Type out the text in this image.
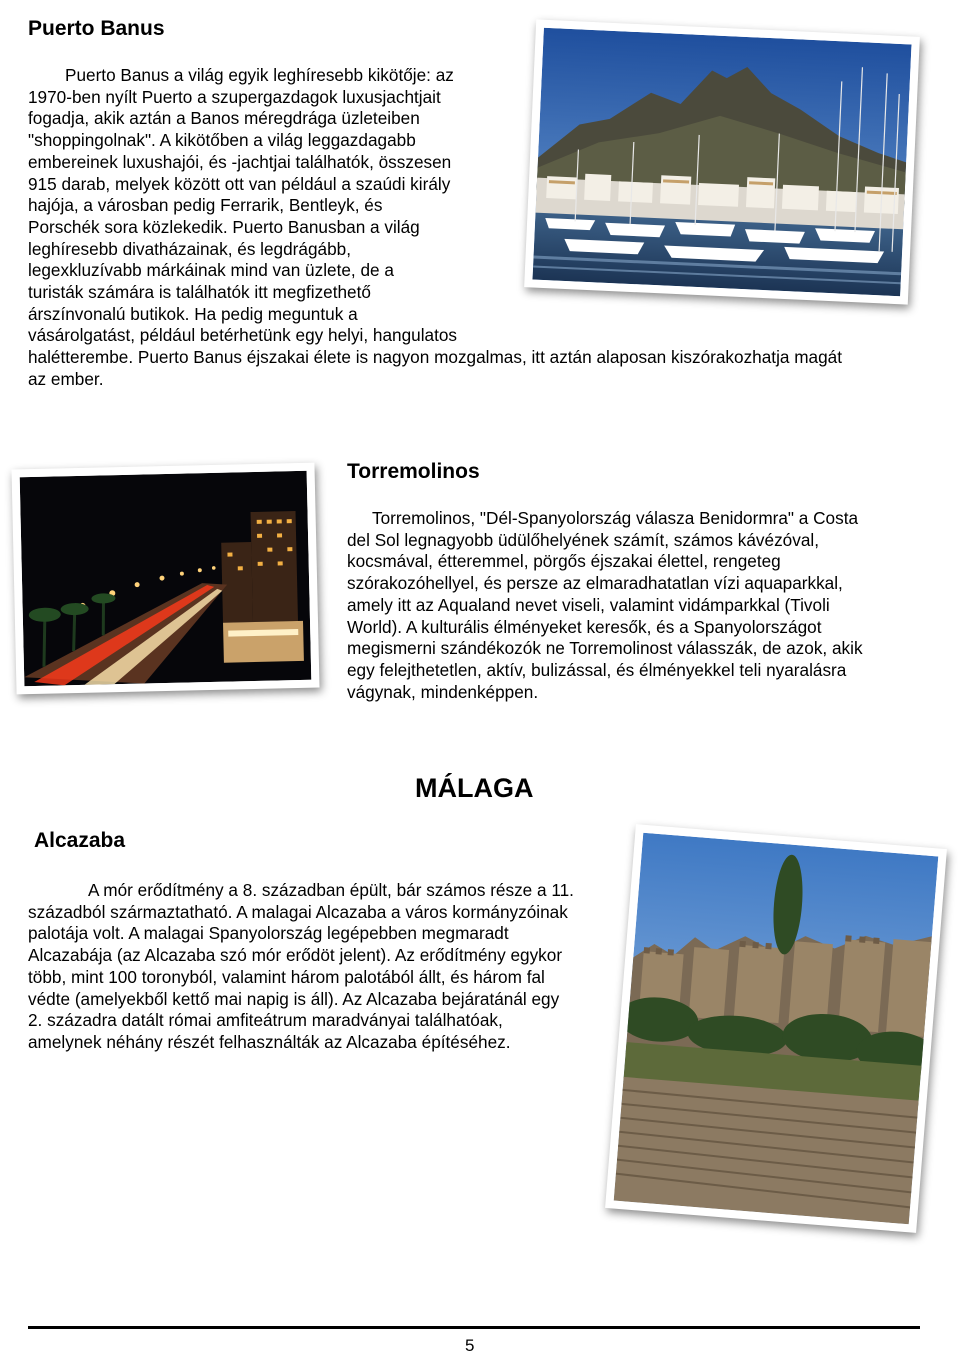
Puerto Banus
Puerto Banus a világ egyik leghíresebb kikötője: az
1970-ben nyílt Puerto a szupergazdagok luxusjachtjait
fogadja, akik aztán a Banos méregdrága üzleteiben
"shoppingolnak". A kikötőben a világ leggazdagabb
embereinek luxushajói, és -jachtjai találhatók, összesen
915 darab, melyek között ott van például a szaúdi király
hajója, a városban pedig Ferrarik, Bentleyk, és
Porschék sora közlekedik. Puerto Banusban a világ
leghíresebb divatházainak, és legdrágább,
legexkluzívabb márkáinak mind van üzlete, de a
turisták számára is találhatók itt megfizethető
árszínvonalú butikok. Ha pedig meguntuk a
vásárolgatást, például betérhetünk egy helyi, hangulatos
halétterembe. Puerto Banus éjszakai élete is nagyon mozgalmas, itt aztán alaposan kiszórakozhatja magát
az ember.
Torremolinos
Torremolinos, "Dél-Spanyolország válasza Benidormra" a Costa
del Sol legnagyobb üdülőhelyének számít, számos kávézóval,
kocsmával, étteremmel, pörgős éjszakai élettel, rengeteg
szórakozóhellyel, és persze az elmaradhatatlan vízi aquaparkkal,
amely itt az Aqualand nevet viseli, valamint vidámparkkal (Tivoli
World). A kulturális élményeket keresők, és a Spanyolországot
megismerni szándékozók ne Torremolinost válasszák, de azok, akik
egy felejthetetlen, aktív, bulizással, és élményekkel teli nyaralásra
vágynak, mindenképpen.
MÁLAGA
Alcazaba
A mór erődítmény a 8. században épült, bár számos része a 11.
századból származtatható. A malagai Alcazaba a város kormányzóinak
palotája volt. A malagai Spanyolország legépebben megmaradt
Alcazabája (az Alcazaba szó mór erődöt jelent). Az erődítmény egykor
több, mint 100 toronyból, valamint három palotából állt, és három fal
védte (amelyekből kettő mai napig is áll). Az Alcazaba bejáratánál egy
2. századra datált római amfiteátrum maradványai találhatóak,
amelynek néhány részét felhasználták az Alcazaba építéséhez.
5
